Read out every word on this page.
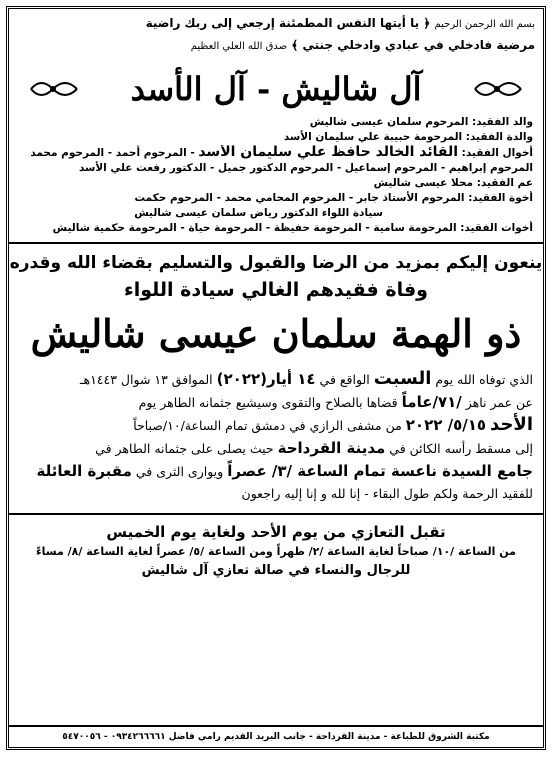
بسم الله الرحمن الرحيم ﴿ يا أيتها النفس المطمئنة إرجعي إلى ربك راضية
مرضية فادخلي في عبادي وادخلي جنتي ﴾ صدق الله العلي العظيم
آل شاليش - آل الأسد
والد الفقيد: المرحوم سلمان عيسى شاليش
والدة الفقيد: المرحومة حبيبة علي سليمان الأسد
أخوال الفقيد: القائد الخالد حافظ علي سليمان الأسد - المرحوم أحمد - المرحوم محمد
المرحوم إبراهيم - المرحوم إسماعيل - المرحوم الدكتور جميل - الدكتور رفعت علي الأسد
عم الفقيد: محلا عيسى شاليش
أخوة الفقيد: المرحوم الأستاذ جابر - المرحوم المحامي محمد - المرحوم حكمت
سيادة اللواء الدكتور رياض سلمان عيسى شاليش
أخوات الفقيد: المرحومة سامية - المرحومة حفيظة - المرحومة حياة - المرحومة حكمية شاليش
ينعون إليكم بمزيد من الرضا والقبول والتسليم بقضاء الله وقدره
وفاة فقيدهم الغالي سيادة اللواء
ذو الهمة سلمان عيسى شاليش
الذي توفاه الله يوم السبت الواقع في ١٤ أيار(٢٠٢٢) الموافق ١٣ شوال ١٤٤٣هـ
عن عمر ناهز /٧١/عاماً قضاها بالصلاح والتقوى وسيشيع جثمانه الطاهر يوم
الأحد ٥/١٥/ ٢٠٢٢ من مشفى الرازي في دمشق تمام الساعة/١٠/صباحاً
إلى مسقط رأسه الكائن في مدينة القرداحة حيث يصلى على جثمانه الطاهر في
جامع السيدة ناعسة تمام الساعة /٣/ عصراً ويوارى الثرى في مقبرة العائلة
للفقيد الرحمة ولكم طول البقاء - إنا لله و إنا إليه راجعون
تقبل التعازي من يوم الأحد ولغاية يوم الخميس
من الساعة /١٠/ صباحاً لغاية الساعة /٢/ ظهراً ومن الساعة /٥/ عصراً لغاية الساعة /٨/ مساءً
للرجال والنساء في صالة تعازي آل شاليش
مكتبة الشروق للطباعة - مدينة القرداحة - جانب البريد القديم رامي فاضل ٠٩٣٤٢٦٦٦٦١ - ٥٤٧٠٠٥٦
